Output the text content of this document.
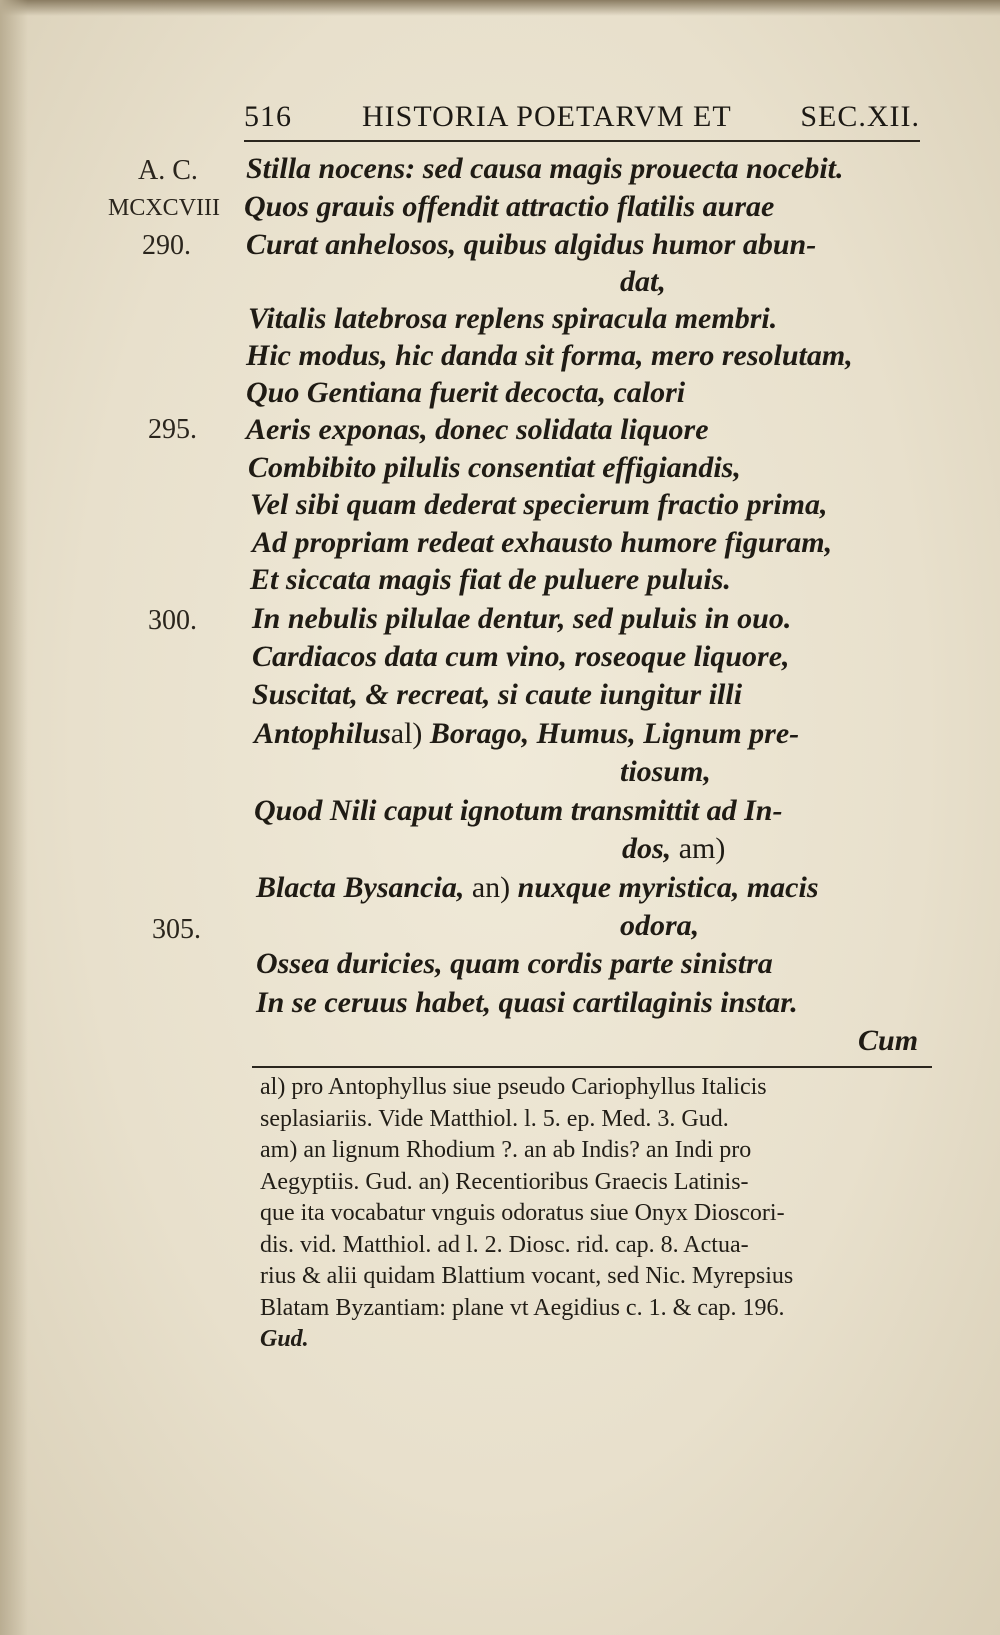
516 HISTORIA POETARVM ET SEC.XII.
A. C.
MCXCVIII
290.
295.
300.
305.
Stilla nocens: sed causa magis prouecta nocebit.
Quos grauis offendit attractio flatilis aurae
Curat anhelosos, quibus algidus humor abun-
dat,
Vitalis latebrosa replens spiracula membri.
Hic modus, hic danda sit forma, mero resolutam,
Quo Gentiana fuerit decocta, calori
Aeris exponas, donec solidata liquore
Combibito pilulis consentiat effigiandis,
Vel sibi quam dederat specierum fractio prima,
Ad propriam redeat exhausto humore figuram,
Et siccata magis fiat de puluere puluis.
In nebulis pilulae dentur, sed puluis in ouo.
Cardiacos data cum vino, roseoque liquore,
Suscitat, & recreat, si caute iungitur illi
Antophilusal) Borago, Humus, Lignum pre-
tiosum,
Quod Nili caput ignotum transmittit ad In-
dos, am)
Blacta Bysancia, an) nuxque myristica, macis
odora,
Ossea duricies, quam cordis parte sinistra
In se ceruus habet, quasi cartilaginis instar.
Cum
al) pro Antophyllus siue pseudo Cariophyllus Italicis
seplasiariis. Vide Matthiol. l. 5. ep. Med. 3. Gud.
am) an lignum Rhodium ?. an ab Indis? an Indi pro
Aegyptiis. Gud. an) Recentioribus Graecis Latinis-
que ita vocabatur vnguis odoratus siue Onyx Dioscori-
dis. vid. Matthiol. ad l. 2. Diosc. rid. cap. 8. Actua-
rius & alii quidam Blattium vocant, sed Nic. Myrepsius
Blatam Byzantiam: plane vt Aegidius c. 1. & cap. 196.
Gud.
